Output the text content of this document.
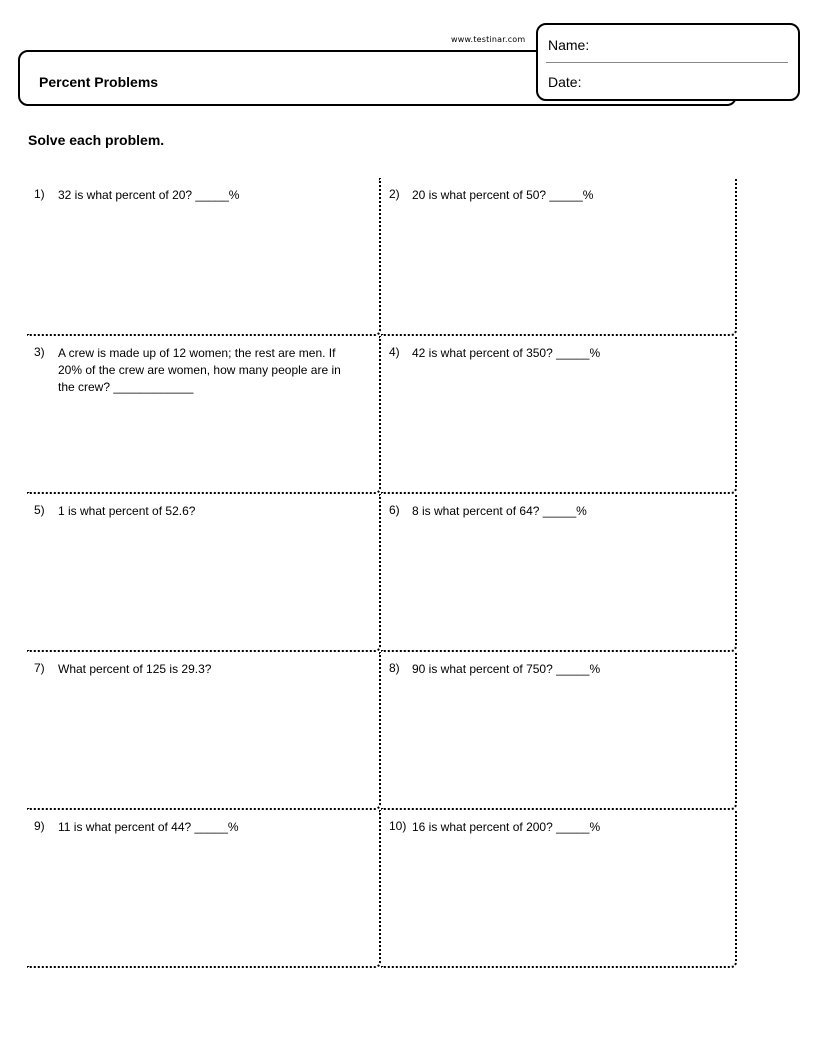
www.testinar.com
Percent Problems
Name:
Date:
Solve each problem.
1) 32 is what percent of 20? _____%	2) 20 is what percent of 50? _____%
3) A crew is made up of 12 women; the rest are men. If 20% of the crew are women, how many people are in the crew? ____________
4) 42 is what percent of 350? _____%
5) 1 is what percent of 52.6?	6) 8 is what percent of 64? _____%
7) What percent of 125 is 29.3?	8) 90 is what percent of 750? _____%
9) 11 is what percent of 44? _____%	10) 16 is what percent of 200? _____%
